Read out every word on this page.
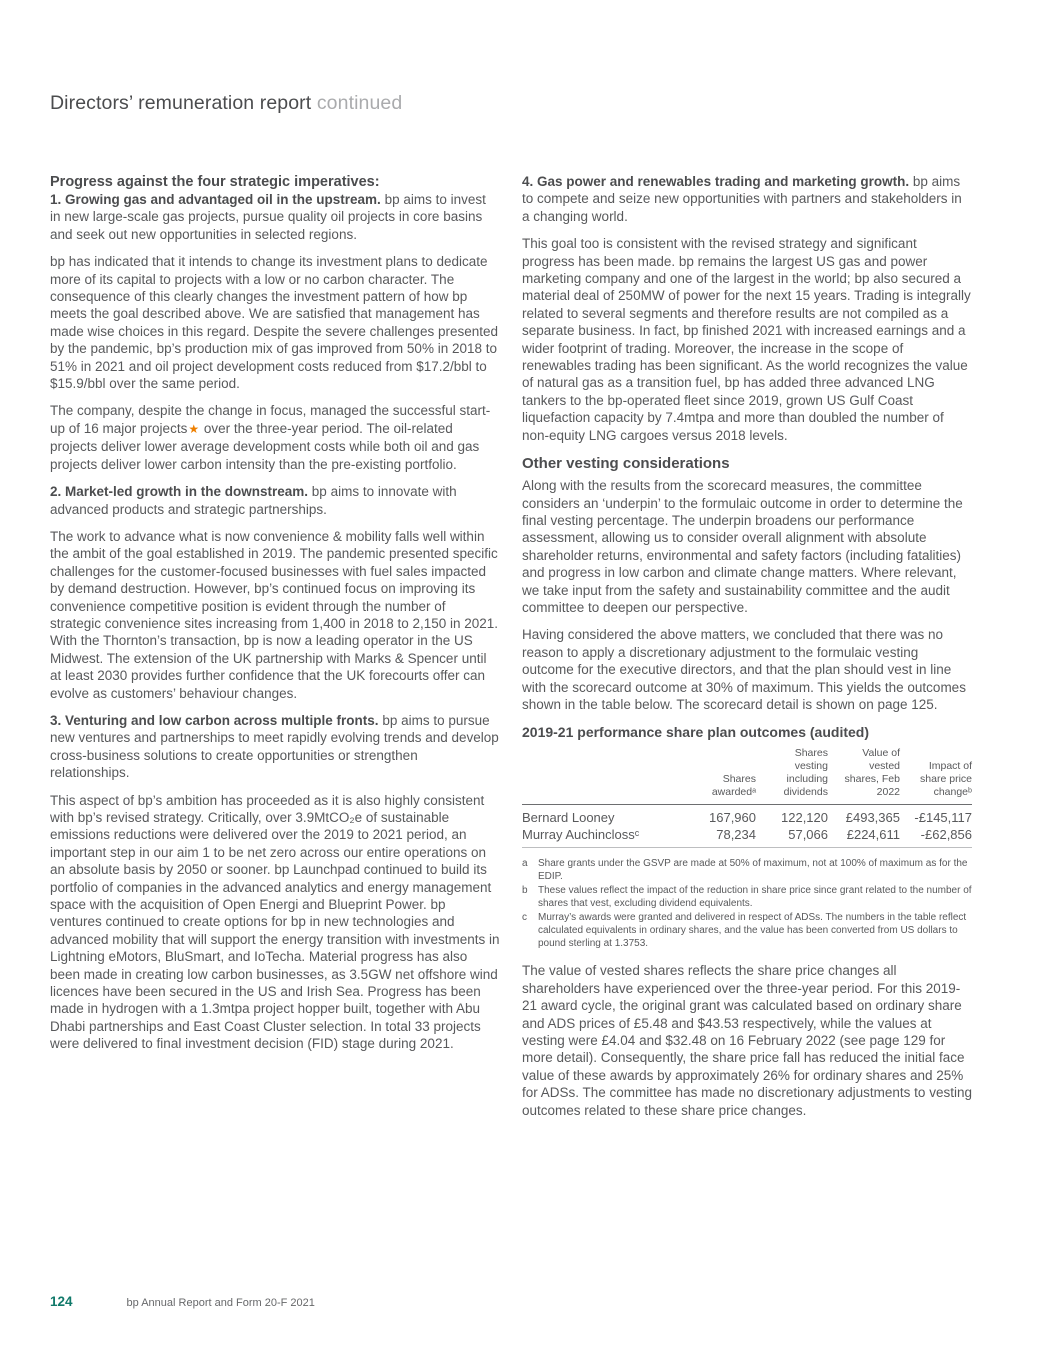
Directors’ remuneration report continued
Progress against the four strategic imperatives:

1. Growing gas and advantaged oil in the upstream. bp aims to invest in new large-scale gas projects, pursue quality oil projects in core basins and seek out new opportunities in selected regions.

bp has indicated that it intends to change its investment plans to dedicate more of its capital to projects with a low or no carbon character. The consequence of this clearly changes the investment pattern of how bp meets the goal described above. We are satisfied that management has made wise choices in this regard. Despite the severe challenges presented by the pandemic, bp’s production mix of gas improved from 50% in 2018 to 51% in 2021 and oil project development costs reduced from $17.2/bbl to $15.9/bbl over the same period.

The company, despite the change in focus, managed the successful start-up of 16 major projects★ over the three-year period. The oil-related projects deliver lower average development costs while both oil and gas projects deliver lower carbon intensity than the pre-existing portfolio.

2. Market-led growth in the downstream. bp aims to innovate with advanced products and strategic partnerships.

The work to advance what is now convenience & mobility falls well within the ambit of the goal established in 2019. The pandemic presented specific challenges for the customer-focused businesses with fuel sales impacted by demand destruction. However, bp’s continued focus on improving its convenience competitive position is evident through the number of strategic convenience sites increasing from 1,400 in 2018 to 2,150 in 2021. With the Thornton’s transaction, bp is now a leading operator in the US Midwest. The extension of the UK partnership with Marks & Spencer until at least 2030 provides further confidence that the UK forecourts offer can evolve as customers’ behaviour changes.

3. Venturing and low carbon across multiple fronts. bp aims to pursue new ventures and partnerships to meet rapidly evolving trends and develop cross-business solutions to create opportunities or strengthen relationships.

This aspect of bp’s ambition has proceeded as it is also highly consistent with bp’s revised strategy. Critically, over 3.9MtCO₂e of sustainable emissions reductions were delivered over the 2019 to 2021 period, an important step in our aim 1 to be net zero across our entire operations on an absolute basis by 2050 or sooner. bp Launchpad continued to build its portfolio of companies in the advanced analytics and energy management space with the acquisition of Open Energi and Blueprint Power. bp ventures continued to create options for bp in new technologies and advanced mobility that will support the energy transition with investments in Lightning eMotors, BluSmart, and IoTecha. Material progress has also been made in creating low carbon businesses, as 3.5GW net offshore wind licences have been secured in the US and Irish Sea. Progress has been made in hydrogen with a 1.3mtpa project hopper built, together with Abu Dhabi partnerships and East Coast Cluster selection. In total 33 projects were delivered to final investment decision (FID) stage during 2021.

4. Gas power and renewables trading and marketing growth. bp aims to compete and seize new opportunities with partners and stakeholders in a changing world.

This goal too is consistent with the revised strategy and significant progress has been made. bp remains the largest US gas and power marketing company and one of the largest in the world; bp also secured a material deal of 250MW of power for the next 15 years. Trading is integrally related to several segments and therefore results are not compiled as a separate business. In fact, bp finished 2021 with increased earnings and a wider footprint of trading. Moreover, the increase in the scope of renewables trading has been significant. As the world recognizes the value of natural gas as a transition fuel, bp has added three advanced LNG tankers to the bp-operated fleet since 2019, grown US Gulf Coast liquefaction capacity by 7.4mtpa and more than doubled the number of non-equity LNG cargoes versus 2018 levels.

Other vesting considerations

Along with the results from the scorecard measures, the committee considers an ‘underpin’ to the formulaic outcome in order to determine the final vesting percentage. The underpin broadens our performance assessment, allowing us to consider overall alignment with absolute shareholder returns, environmental and safety factors (including fatalities) and progress in low carbon and climate change matters. Where relevant, we take input from the safety and sustainability committee and the audit committee to deepen our perspective.

Having considered the above matters, we concluded that there was no reason to apply a discretionary adjustment to the formulaic vesting outcome for the executive directors, and that the plan should vest in line with the scorecard outcome at 30% of maximum. This yields the outcomes shown in the table below. The scorecard detail is shown on page 125.

2019-21 performance share plan outcomes (audited)
	Shares awardedᵃ	Shares vesting including dividends	Value of vested shares, Feb 2022	Impact of share price changeᵇ
Bernard Looney	167,960	122,120	£493,365	-£145,117
Murray Auchinclossᶜ	78,234	57,066	£224,611	-£62,856
a	Share grants under the GSVP are made at 50% of maximum, not at 100% of maximum as for the EDIP.
b	These values reflect the impact of the reduction in share price since grant related to the number of shares that vest, excluding dividend equivalents.
c	Murray’s awards were granted and delivered in respect of ADSs. The numbers in the table reflect calculated equivalents in ordinary shares, and the value has been converted from US dollars to pound sterling at 1.3753.

The value of vested shares reflects the share price changes all shareholders have experienced over the three-year period. For this 2019-21 award cycle, the original grant was calculated based on ordinary share and ADS prices of £5.48 and $43.53 respectively, while the values at vesting were £4.04 and $32.48 on 16 February 2022 (see page 129 for more detail). Consequently, the share price fall has reduced the initial face value of these awards by approximately 26% for ordinary shares and 25% for ADSs. The committee has made no discretionary adjustments to vesting outcomes related to these share price changes.

124	bp Annual Report and Form 20-F 2021
